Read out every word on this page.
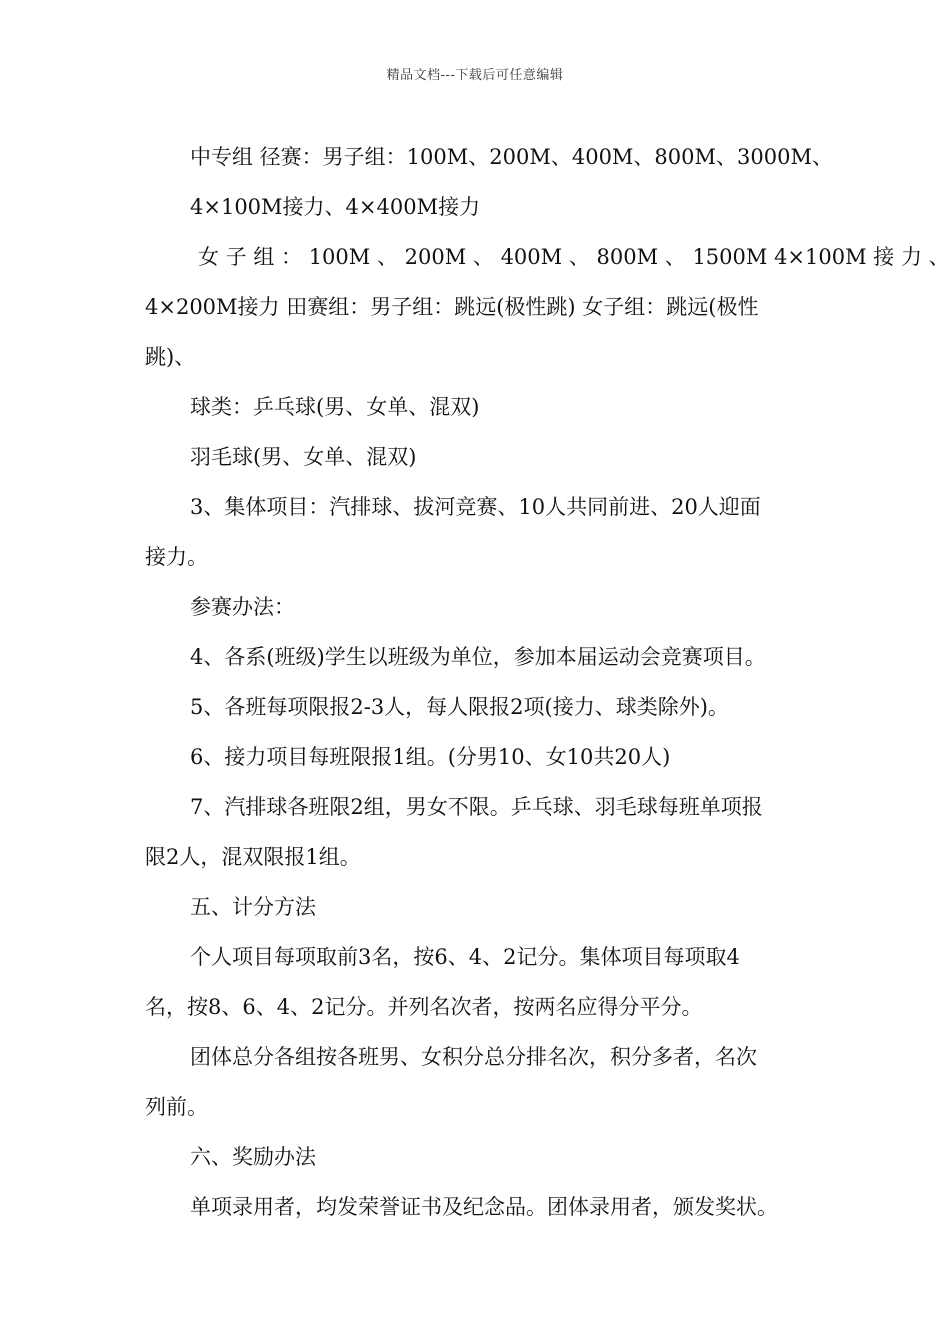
精品文档---下载后可任意编辑
中专组 径赛：男子组：100M、200M、400M、800M、3000M、
4×100M接力、4×400M接力
女 子 组 ： 100M 、 200M 、 400M 、 800M 、 1500M 4×100M 接 力 、
4×200M接力 田赛组：男子组：跳远(极性跳) 女子组：跳远(极性
跳)、
球类：乒乓球(男、女单、混双)
羽毛球(男、女单、混双)
3、集体项目：汽排球、拔河竞赛、10人共同前进、20人迎面
接力。
参赛办法：
4、各系(班级)学生以班级为单位，参加本届运动会竞赛项目。
5、各班每项限报2-3人，每人限报2项(接力、球类除外)。
6、接力项目每班限报1组。(分男10、女10共20人)
7、汽排球各班限2组，男女不限。乒乓球、羽毛球每班单项报
限2人，混双限报1组。
五、计分方法
个人项目每项取前3名，按6、4、2记分。集体项目每项取4
名，按8、6、4、2记分。并列名次者，按两名应得分平分。
团体总分各组按各班男、女积分总分排名次，积分多者，名次
列前。
六、奖励办法
单项录用者，均发荣誉证书及纪念品。团体录用者，颁发奖状。
